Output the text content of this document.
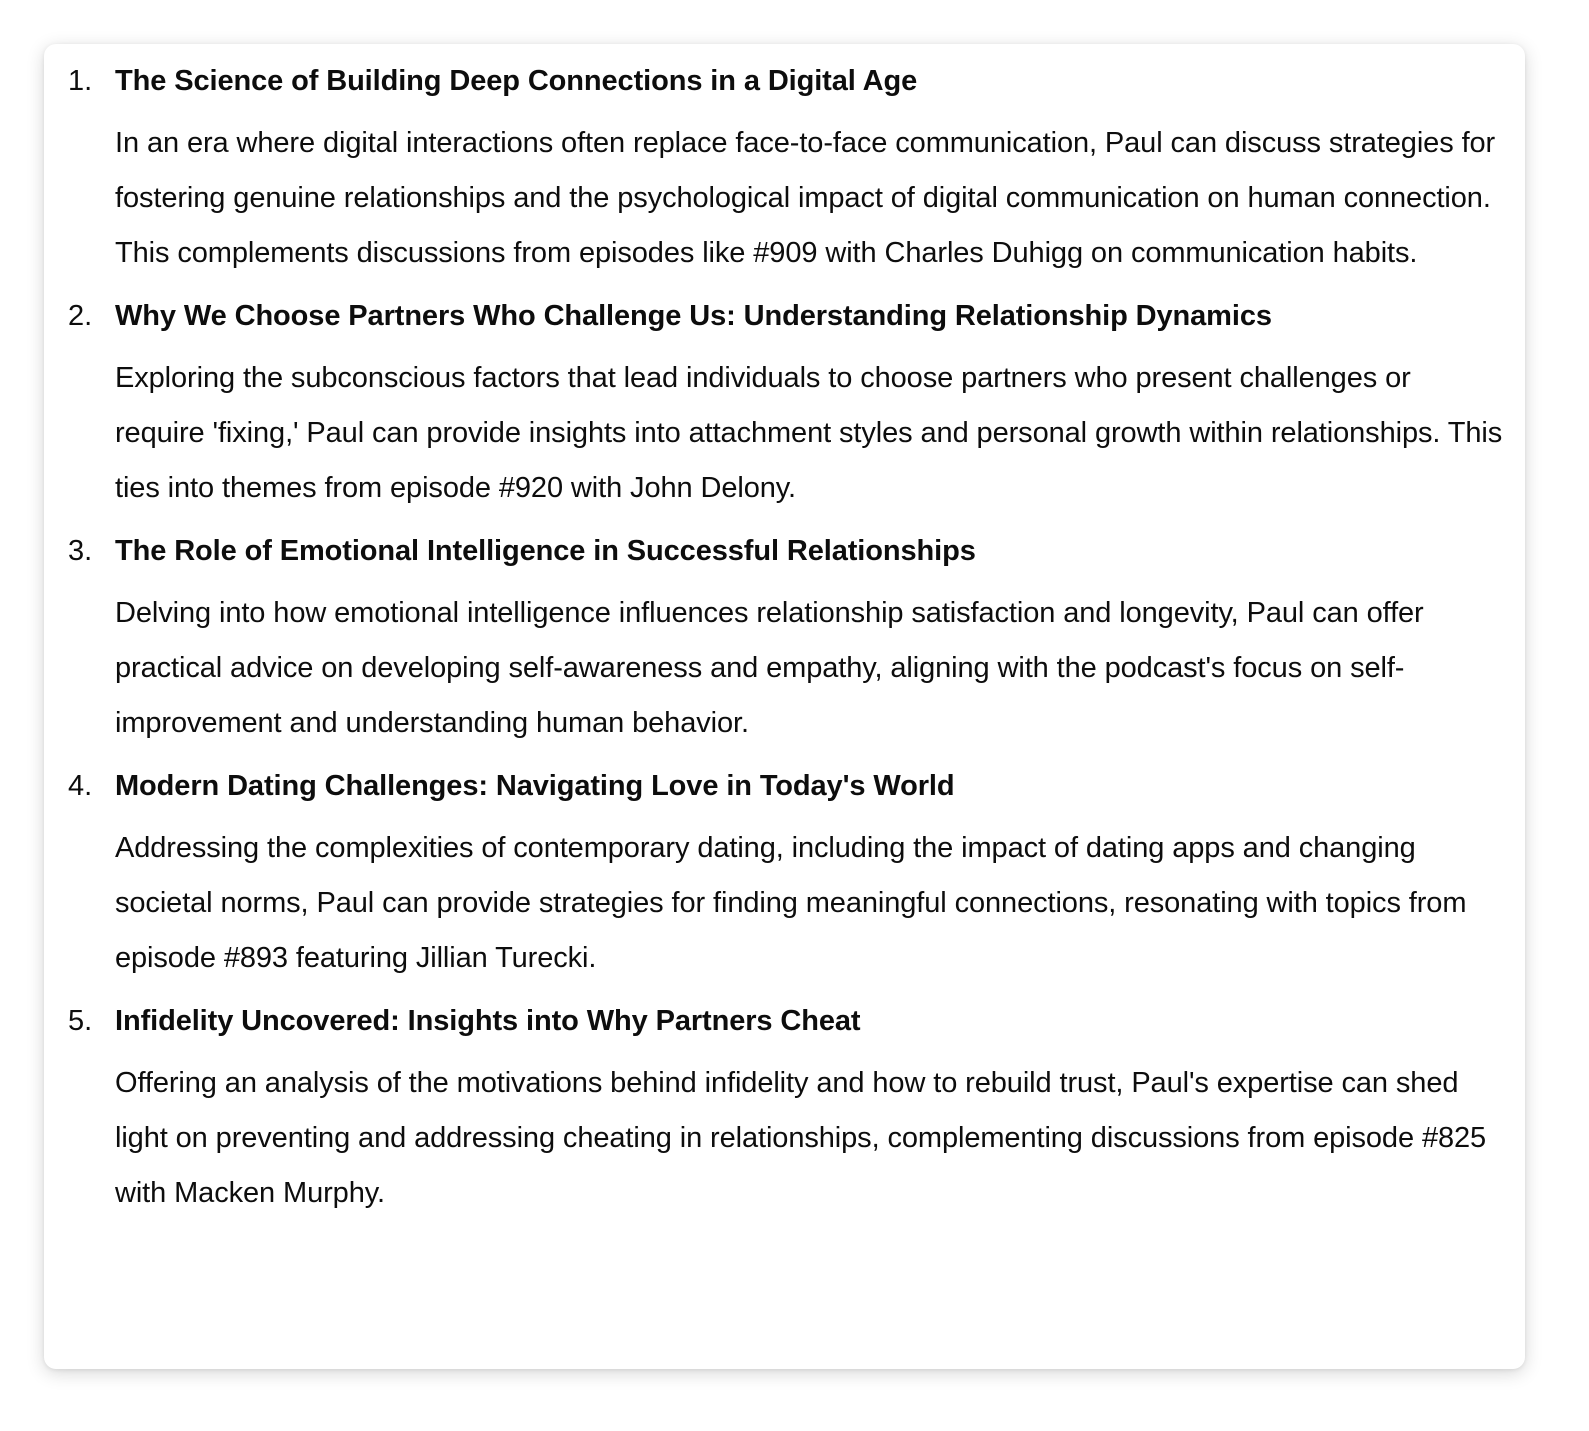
1. The Science of Building Deep Connections in a Digital Age

In an era where digital interactions often replace face-to-face communication, Paul can discuss strategies for fostering genuine relationships and the psychological impact of digital communication on human connection. This complements discussions from episodes like #909 with Charles Duhigg on communication habits.

2. Why We Choose Partners Who Challenge Us: Understanding Relationship Dynamics

Exploring the subconscious factors that lead individuals to choose partners who present challenges or require 'fixing,' Paul can provide insights into attachment styles and personal growth within relationships. This ties into themes from episode #920 with John Delony.

3. The Role of Emotional Intelligence in Successful Relationships

Delving into how emotional intelligence influences relationship satisfaction and longevity, Paul can offer practical advice on developing self-awareness and empathy, aligning with the podcast's focus on self-improvement and understanding human behavior.

4. Modern Dating Challenges: Navigating Love in Today's World

Addressing the complexities of contemporary dating, including the impact of dating apps and changing societal norms, Paul can provide strategies for finding meaningful connections, resonating with topics from episode #893 featuring Jillian Turecki.

5. Infidelity Uncovered: Insights into Why Partners Cheat

Offering an analysis of the motivations behind infidelity and how to rebuild trust, Paul's expertise can shed light on preventing and addressing cheating in relationships, complementing discussions from episode #825 with Macken Murphy.
